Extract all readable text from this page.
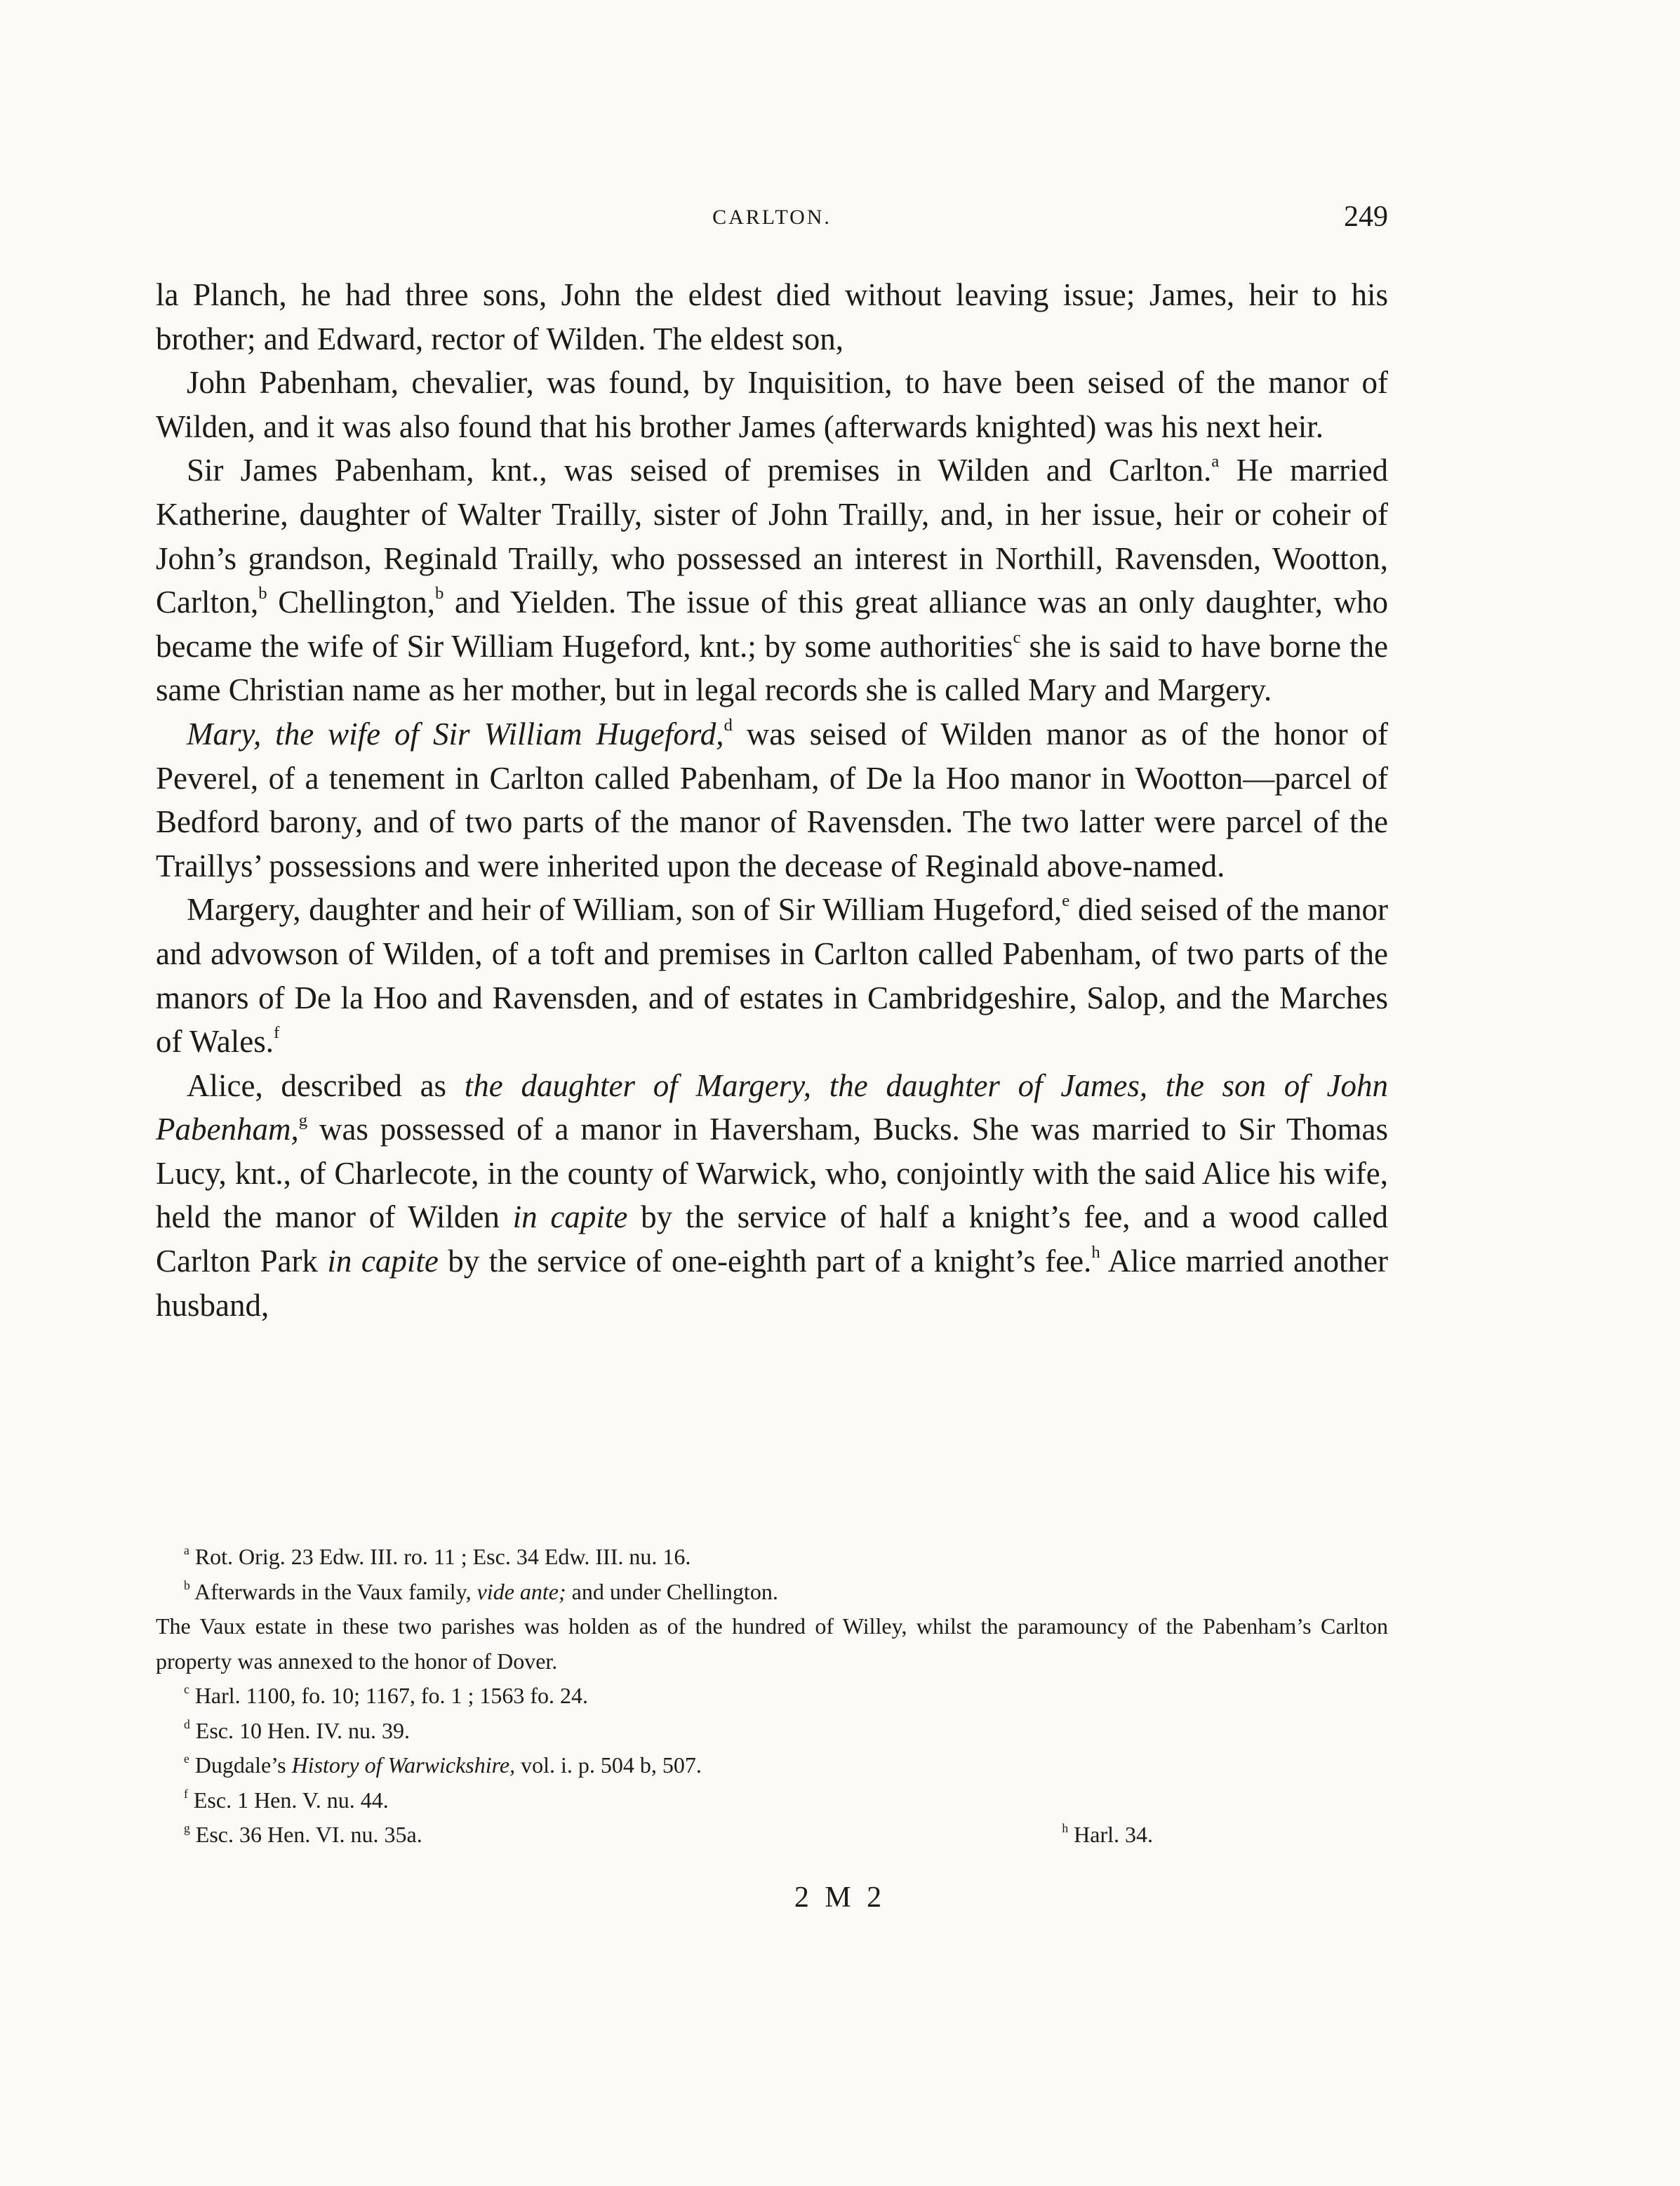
CARLTON.	249

la Planch, he had three sons, John the eldest died without leaving issue; James, heir to his brother; and Edward, rector of Wilden. The eldest son,

John Pabenham, chevalier, was found, by Inquisition, to have been seised of the manor of Wilden, and it was also found that his brother James (afterwards knighted) was his next heir.

Sir James Pabenham, knt., was seised of premises in Wilden and Carlton.$^a$ He married Katherine, daughter of Walter Trailly, sister of John Trailly, and, in her issue, heir or coheir of John’s grandson, Reginald Trailly, who possessed an interest in Northill, Ravensden, Wootton, Carlton,$^b$ Chellington,$^b$ and Yielden. The issue of this great alliance was an only daughter, who became the wife of Sir William Hugeford, knt.; by some authorities$^c$ she is said to have borne the same Christian name as her mother, but in legal records she is called Mary and Margery.

Mary, the wife of Sir William Hugeford,$^d$ was seised of Wilden manor as of the honor of Peverel, of a tenement in Carlton called Pabenham, of De la Hoo manor in Wootton—parcel of Bedford barony, and of two parts of the manor of Ravensden. The two latter were parcel of the Traillys’ possessions and were inherited upon the decease of Reginald above-named.

Margery, daughter and heir of William, son of Sir William Hugeford,$^e$ died seised of the manor and advowson of Wilden, of a toft and premises in Carlton called Pabenham, of two parts of the manors of De la Hoo and Ravensden, and of estates in Cambridgeshire, Salop, and the Marches of Wales.$^f$

Alice, described as the daughter of Margery, the daughter of James, the son of John Pabenham,$^g$ was possessed of a manor in Haversham, Bucks. She was married to Sir Thomas Lucy, knt., of Charlecote, in the county of Warwick, who, conjointly with the said Alice his wife, held the manor of Wilden in capite by the service of half a knight’s fee, and a wood called Carlton Park in capite by the service of one-eighth part of a knight’s fee.$^h$ Alice married another husband,

$^a$ Rot. Orig. 23 Edw. III. ro. 11 ; Esc. 34 Edw. III. nu. 16.
$^b$ Afterwards in the Vaux family, vide ante; and under Chellington.
The Vaux estate in these two parishes was holden as of the hundred of Willey, whilst the paramouncy of the Pabenham’s Carlton property was annexed to the honor of Dover.
$^c$ Harl. 1100, fo. 10; 1167, fo. 1 ; 1563 fo. 24.
$^d$ Esc. 10 Hen. IV. nu. 39.
$^e$ Dugdale’s History of Warwickshire, vol. i. p. 504 b, 507.
$^f$ Esc. 1 Hen. V. nu. 44.
$^g$ Esc. 36 Hen. VI. nu. 35a.	$^h$ Harl. 34.
2 M 2
